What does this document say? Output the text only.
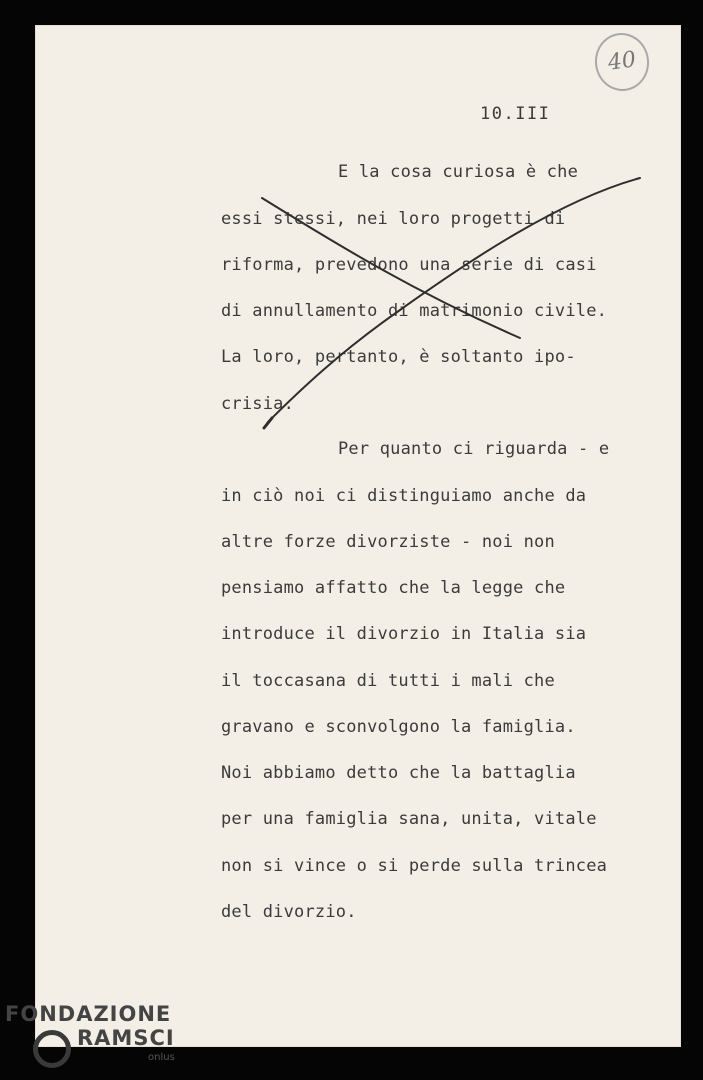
40
10.III
E la cosa curiosa è che
essi stessi, nei loro progetti di
riforma, prevedono una serie di casi
di annullamento di matrimonio civile.
La loro, pertanto, è soltanto ipo-
crisia.
Per quanto ci riguarda - e
in ciò noi ci distinguiamo anche da
altre forze divorziste - noi non
pensiamo affatto che la legge che
introduce il divorzio in Italia sia
il toccasana di tutti i mali che
gravano e sconvolgono la famiglia.
Noi abbiamo detto che la battaglia
per una famiglia sana, unita, vitale
non si vince o si perde sulla trincea
del divorzio.
FONDAZIONE
RAMSCI
onlus
